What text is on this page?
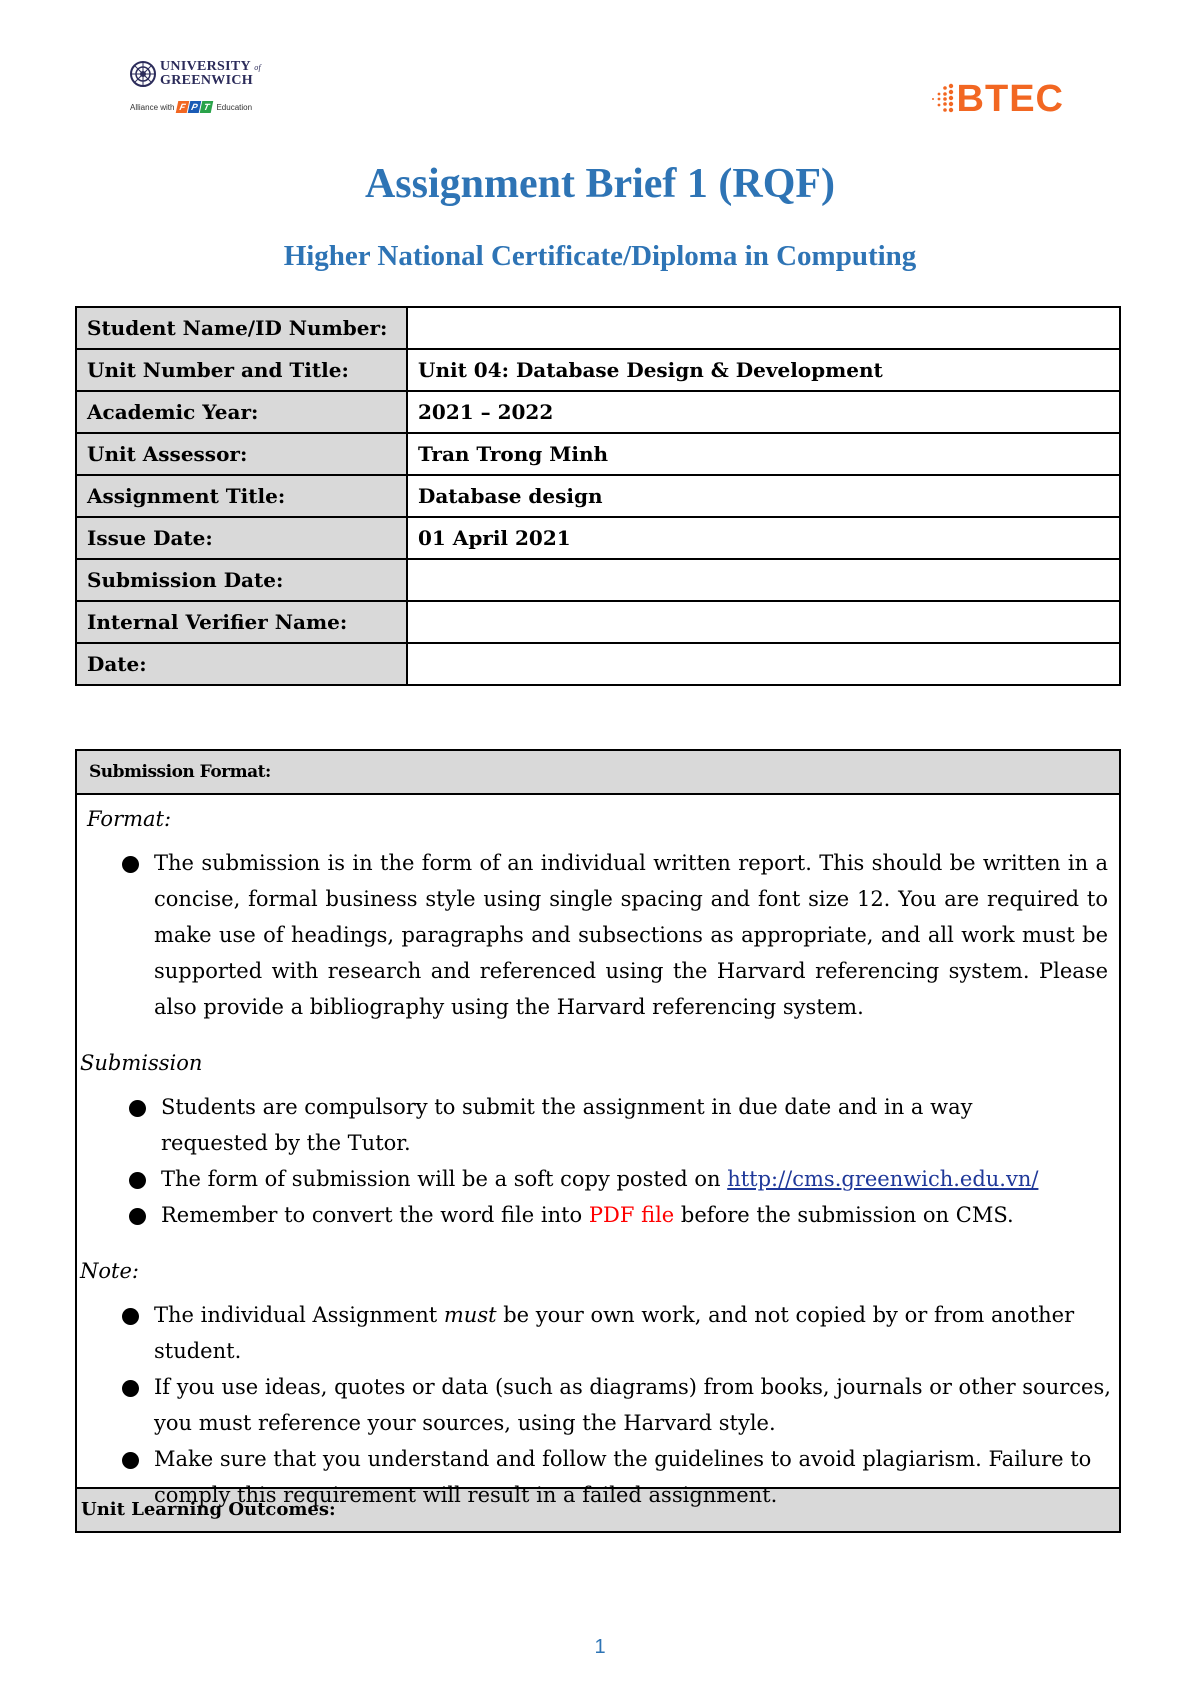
UNIVERSITY of
GREENWICH
Alliance with F P T Education	BTEC
Assignment Brief 1 (RQF)
Higher National Certificate/Diploma in Computing
Student Name/ID Number:	
Unit Number and Title:	Unit 04: Database Design & Development
Academic Year:	2021 – 2022
Unit Assessor:	Tran Trong Minh
Assignment Title:	Database design
Issue Date:	01 April 2021
Submission Date:	
Internal Verifier Name:	
Date:	
Submission Format:
Format:
The submission is in the form of an individual written report. This should be written in a concise, formal business style using single spacing and font size 12. You are required to make use of headings, paragraphs and subsections as appropriate, and all work must be supported with research and referenced using the Harvard referencing system. Please also provide a bibliography using the Harvard referencing system.
Submission
Students are compulsory to submit the assignment in due date and in a way requested by the Tutor.
The form of submission will be a soft copy posted on http://cms.greenwich.edu.vn/
Remember to convert the word file into PDF file before the submission on CMS.
Note:
The individual Assignment must be your own work, and not copied by or from another student.
If you use ideas, quotes or data (such as diagrams) from books, journals or other sources, you must reference your sources, using the Harvard style.
Make sure that you understand and follow the guidelines to avoid plagiarism. Failure to comply this requirement will result in a failed assignment.
Unit Learning Outcomes:
1
